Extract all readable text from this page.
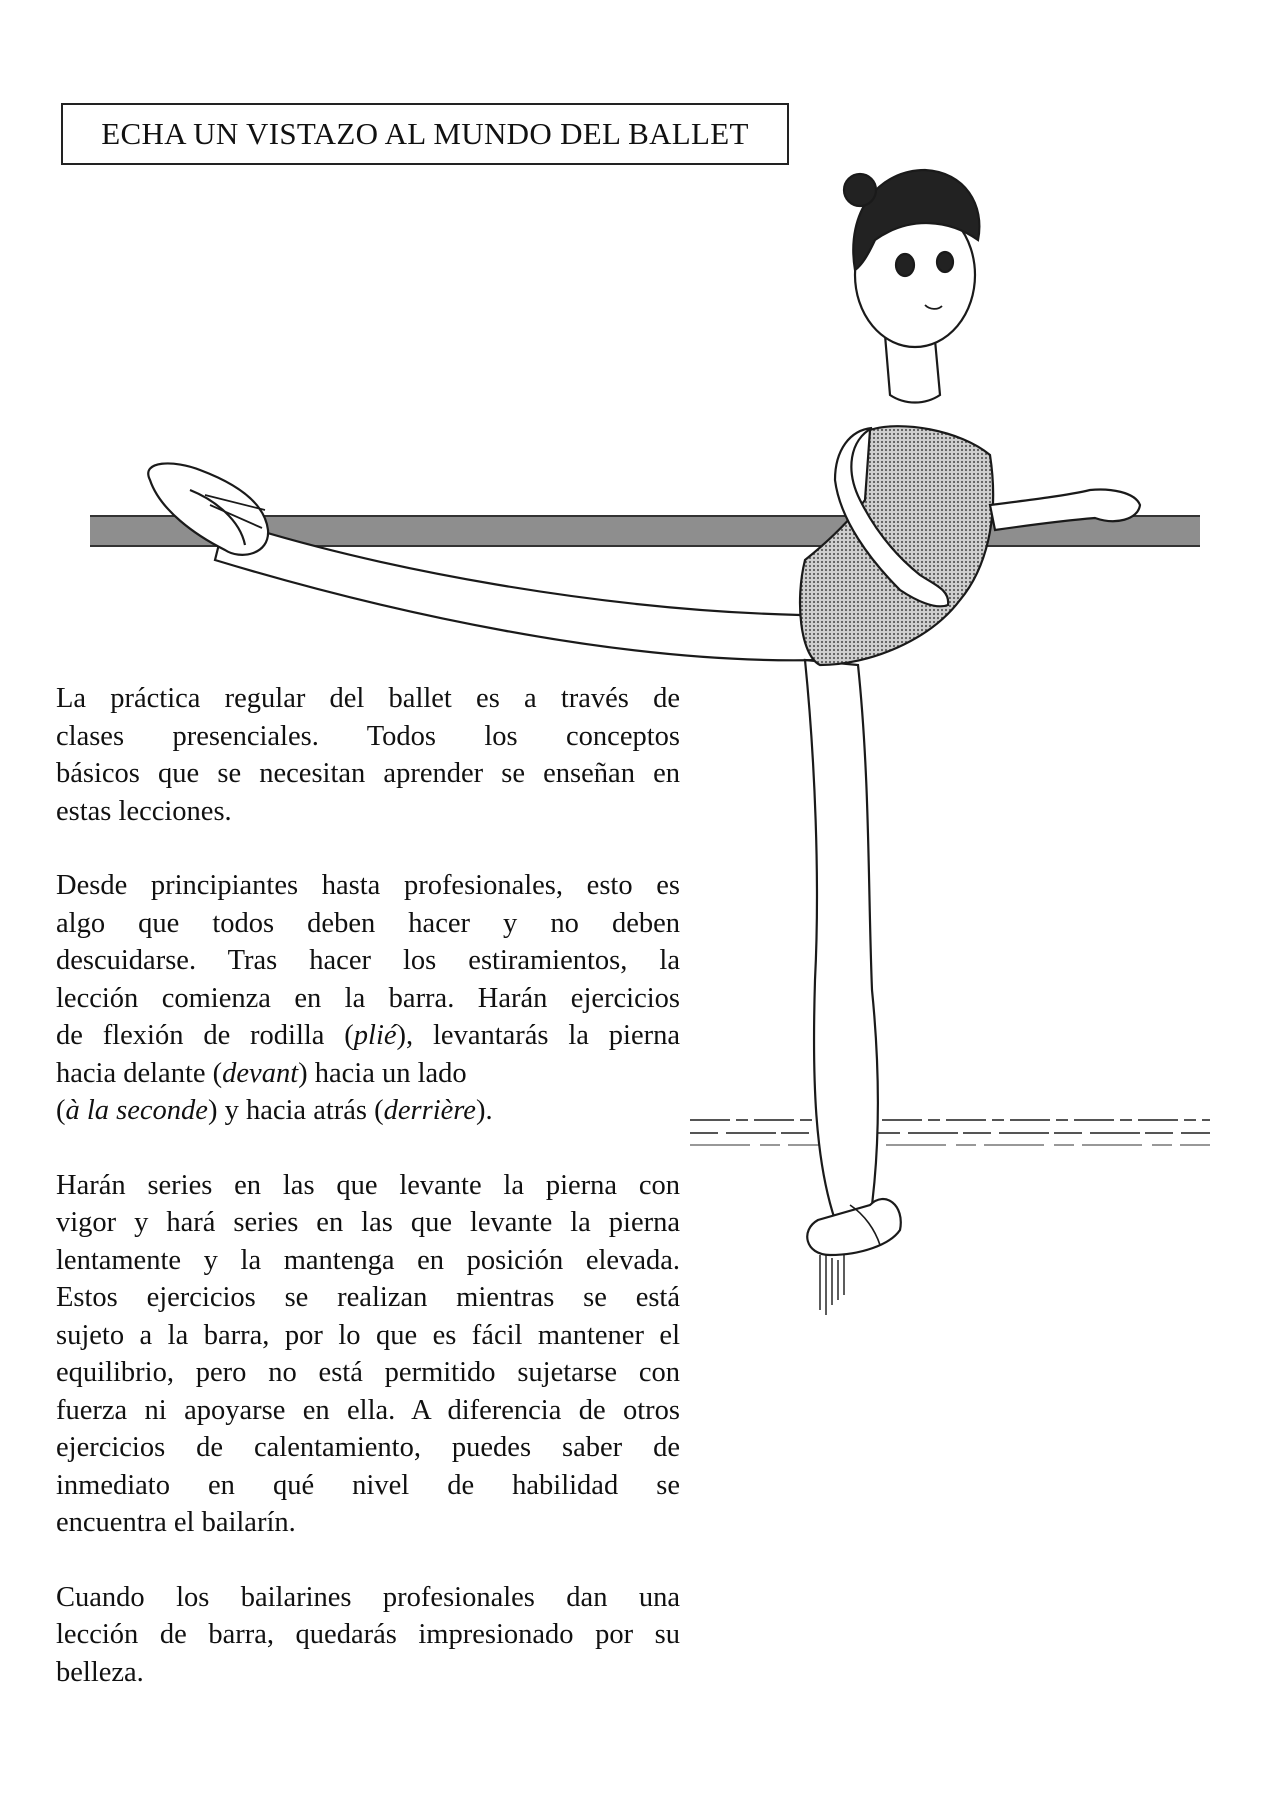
ECHA UN VISTAZO AL MUNDO DEL BALLET

La práctica regular del ballet es a través de
clases presenciales. Todos los conceptos
básicos que se necesitan aprender se enseñan en
estas lecciones.

Desde principiantes hasta profesionales, esto es
algo que todos deben hacer y no deben
descuidarse. Tras hacer los estiramientos, la
lección comienza en la barra. Harán ejercicios
de flexión de rodilla (plié), levantarás la pierna
hacia delante (devant) hacia un lado
(à la seconde) y hacia atrás (derrière).

Harán series en las que levante la pierna con
vigor y hará series en las que levante la pierna
lentamente y la mantenga en posición elevada.
Estos ejercicios se realizan mientras se está
sujeto a la barra, por lo que es fácil mantener el
equilibrio, pero no está permitido sujetarse con
fuerza ni apoyarse en ella. A diferencia de otros
ejercicios de calentamiento, puedes saber de
inmediato en qué nivel de habilidad se
encuentra el bailarín.

Cuando los bailarines profesionales dan una
lección de barra, quedarás impresionado por su
belleza.
